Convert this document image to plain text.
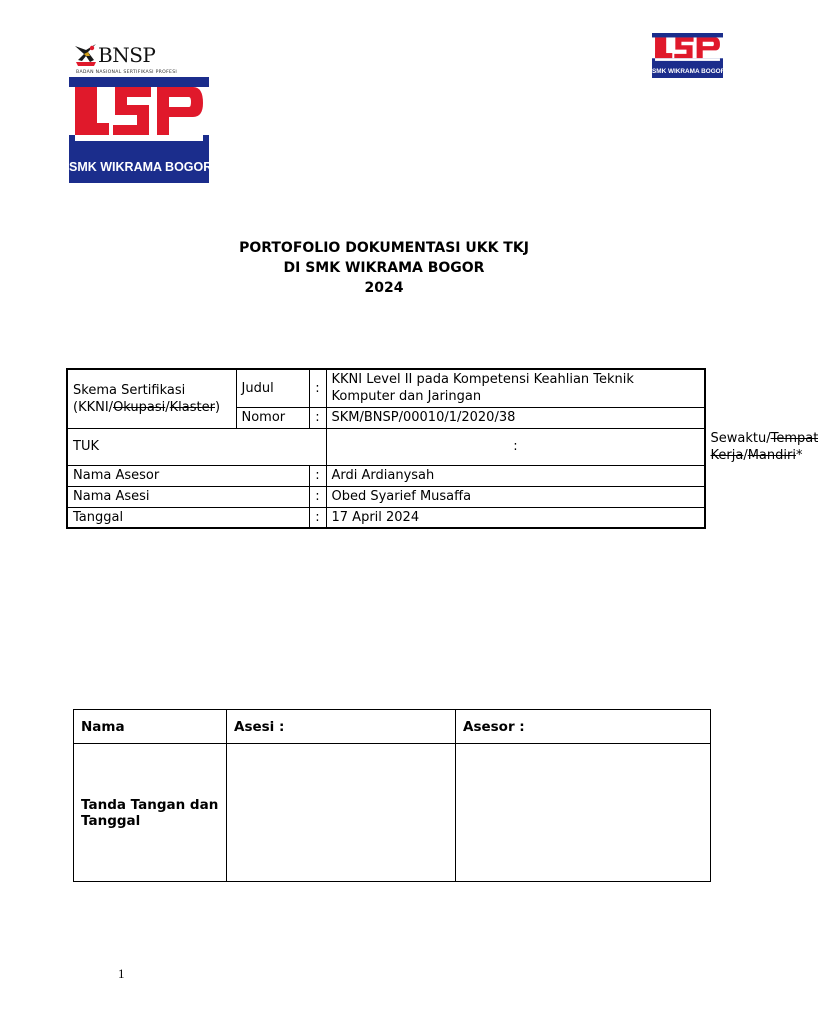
BNSP
BADAN NASIONAL SERTIFIKASI PROFESI
SMK WIKRAMA BOGOR
SMK WIKRAMA BOGOR
PORTOFOLIO DOKUMENTASI UKK TKJ
DI SMK WIKRAMA BOGOR
2024
Skema Sertifikasi
(KKNI/Okupasi/Klaster)	Judul	:	KKNI Level II pada Kompetensi Keahlian Teknik Komputer dan Jaringan	
	Nomor	:	SKM/BNSP/00010/1/2020/38	
TUK			:	Sewaktu/Tempat Kerja/Mandiri*
Nama Asesor		:	Ardi Ardianysah	
Nama Asesi		:	Obed Syarief Musaffa	
Tanggal		:	17 April 2024	
Nama	Asesi :	Asesor :
Tanda Tangan dan Tanggal		
1
